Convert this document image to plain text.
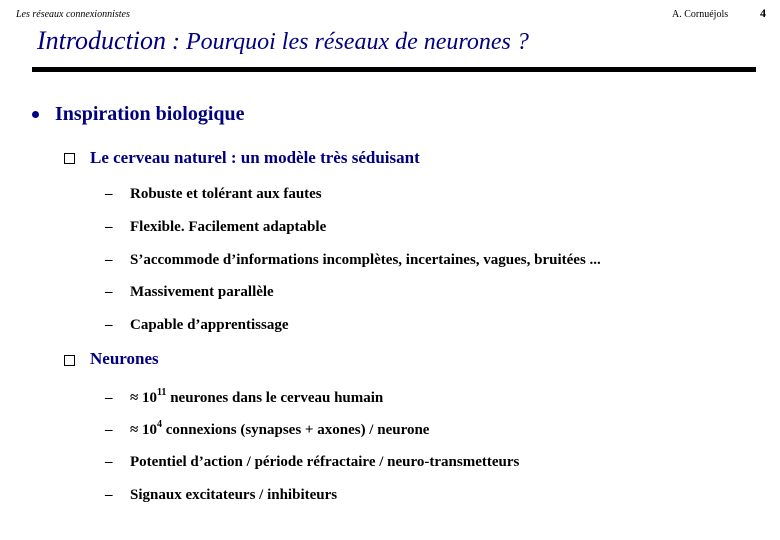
Les réseaux connexionnistes	A. Cornuéjols	4
Introduction : Pourquoi les réseaux de neurones ?
Inspiration biologique
Le cerveau naturel : un modèle très séduisant
– Robuste et tolérant aux fautes
– Flexible. Facilement adaptable
– S’accommode d’informations incomplètes, incertaines, vagues, bruitées ...
– Massivement parallèle
– Capable d’apprentissage
Neurones
– ≈ $10^{11}$ neurones dans le cerveau humain
– ≈ $10^4$ connexions (synapses + axones) / neurone
– Potentiel d’action / période réfractaire / neuro-transmetteurs
– Signaux excitateurs / inhibiteurs
